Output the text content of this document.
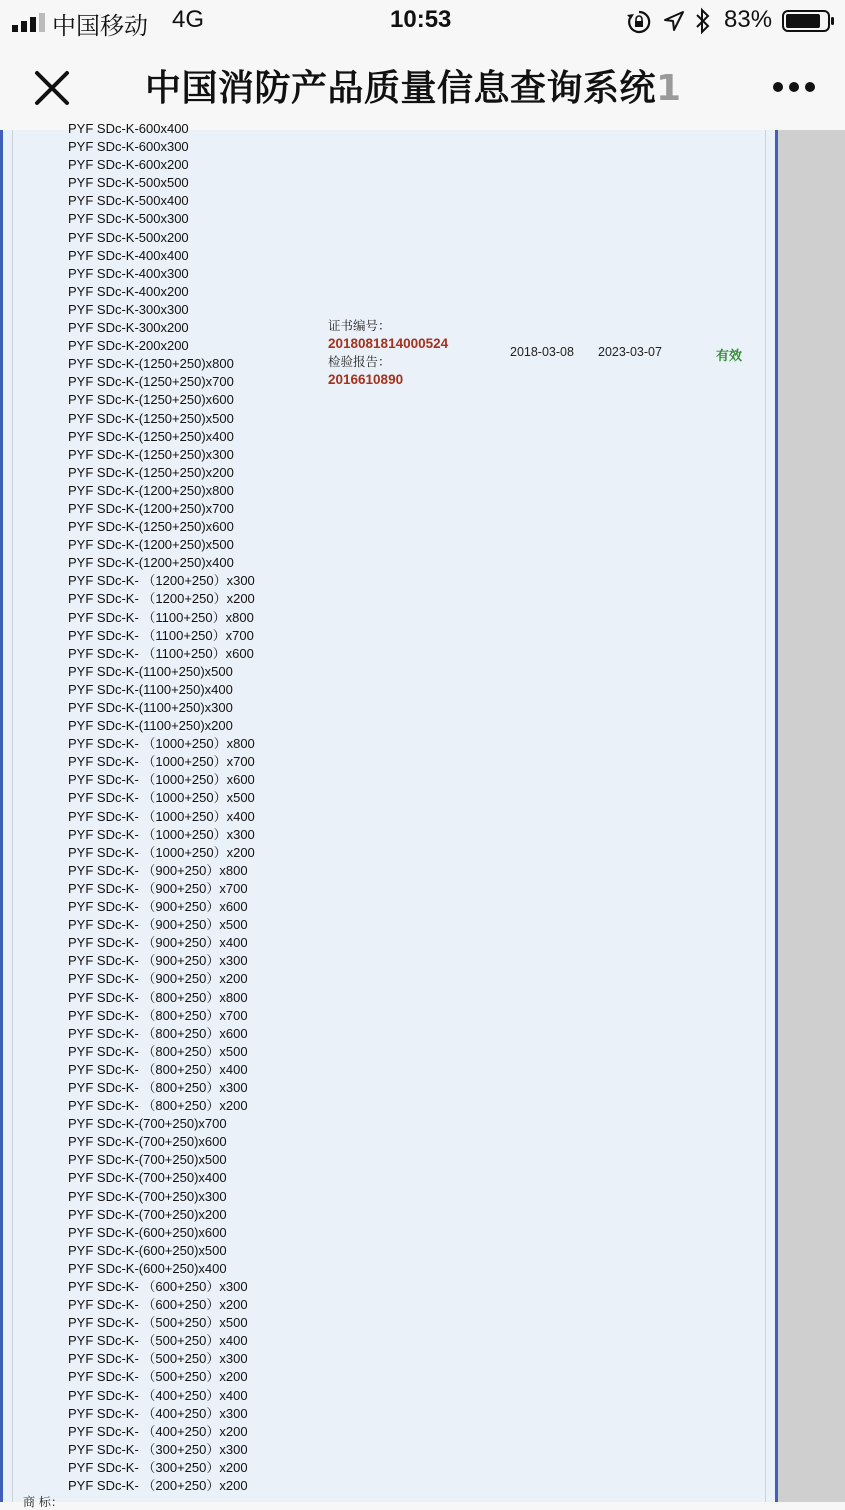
中国移动 4G	10:53	83%
中国消防产品质量信息查询系统1
PYF SDc-K-600x400
PYF SDc-K-600x300
PYF SDc-K-600x200
PYF SDc-K-500x500
PYF SDc-K-500x400
PYF SDc-K-500x300
PYF SDc-K-500x200
PYF SDc-K-400x400
PYF SDc-K-400x300
PYF SDc-K-400x200
PYF SDc-K-300x300
PYF SDc-K-300x200
PYF SDc-K-200x200
PYF SDc-K-(1250+250)x800
PYF SDc-K-(1250+250)x700
PYF SDc-K-(1250+250)x600
PYF SDc-K-(1250+250)x500
PYF SDc-K-(1250+250)x400
PYF SDc-K-(1250+250)x300
PYF SDc-K-(1250+250)x200
PYF SDc-K-(1200+250)x800
PYF SDc-K-(1200+250)x700
PYF SDc-K-(1250+250)x600
PYF SDc-K-(1200+250)x500
PYF SDc-K-(1200+250)x400
PYF SDc-K- （1200+250）x300
PYF SDc-K- （1200+250）x200
PYF SDc-K- （1100+250）x800
PYF SDc-K- （1100+250）x700
PYF SDc-K- （1100+250）x600
PYF SDc-K-(1100+250)x500
PYF SDc-K-(1100+250)x400
PYF SDc-K-(1100+250)x300
PYF SDc-K-(1100+250)x200
PYF SDc-K- （1000+250）x800
PYF SDc-K- （1000+250）x700
PYF SDc-K- （1000+250）x600
PYF SDc-K- （1000+250）x500
PYF SDc-K- （1000+250）x400
PYF SDc-K- （1000+250）x300
PYF SDc-K- （1000+250）x200
PYF SDc-K- （900+250）x800
PYF SDc-K- （900+250）x700
PYF SDc-K- （900+250）x600
PYF SDc-K- （900+250）x500
PYF SDc-K- （900+250）x400
PYF SDc-K- （900+250）x300
PYF SDc-K- （900+250）x200
PYF SDc-K- （800+250）x800
PYF SDc-K- （800+250）x700
PYF SDc-K- （800+250）x600
PYF SDc-K- （800+250）x500
PYF SDc-K- （800+250）x400
PYF SDc-K- （800+250）x300
PYF SDc-K- （800+250）x200
PYF SDc-K-(700+250)x700
PYF SDc-K-(700+250)x600
PYF SDc-K-(700+250)x500
PYF SDc-K-(700+250)x400
PYF SDc-K-(700+250)x300
PYF SDc-K-(700+250)x200
PYF SDc-K-(600+250)x600
PYF SDc-K-(600+250)x500
PYF SDc-K-(600+250)x400
PYF SDc-K- （600+250）x300
PYF SDc-K- （600+250）x200
PYF SDc-K- （500+250）x500
PYF SDc-K- （500+250）x400
PYF SDc-K- （500+250）x300
PYF SDc-K- （500+250）x200
PYF SDc-K- （400+250）x400
PYF SDc-K- （400+250）x300
PYF SDc-K- （400+250）x200
PYF SDc-K- （300+250）x300
PYF SDc-K- （300+250）x200
PYF SDc-K- （200+250）x200
证书编号：
2018081814000524
检验报告：
2016610890
2018-03-08 2023-03-07	有效
商 标：
